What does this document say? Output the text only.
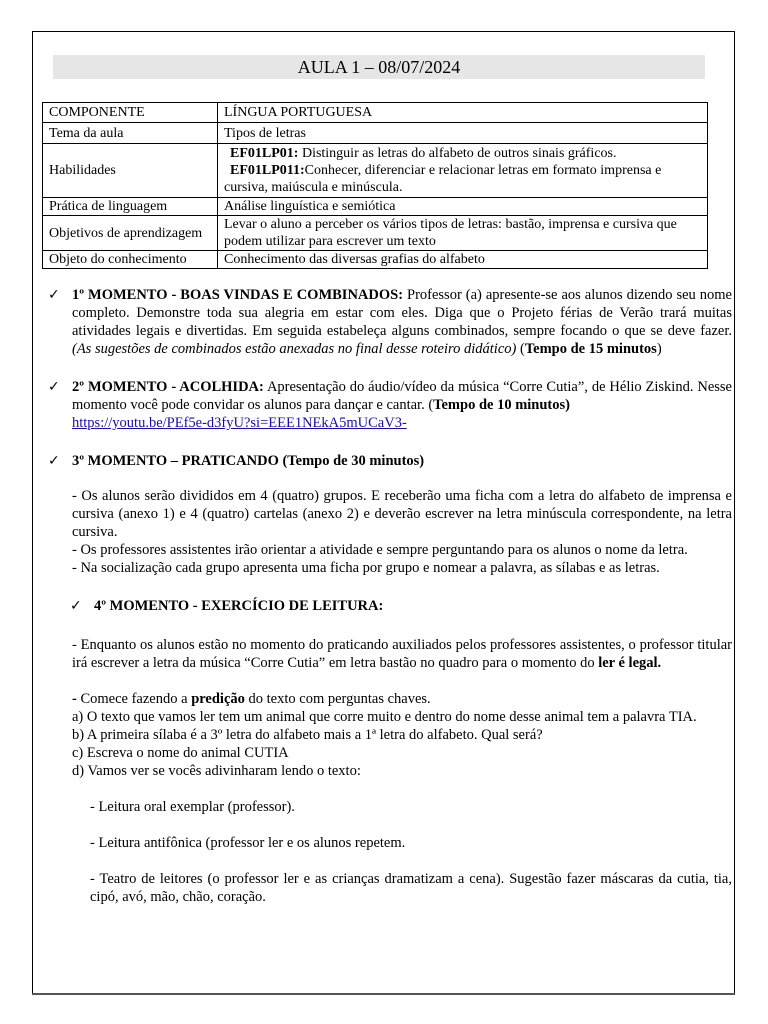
AULA 1 – 08/07/2024
COMPONENTE	LÍNGUA PORTUGUESA
Tema da aula	Tipos de letras
Habilidades	EF01LP01: Distinguir as letras do alfabeto de outros sinais gráficos.
EF01LP011:Conhecer, diferenciar e relacionar letras em formato imprensa e cursiva, maiúscula e minúscula.

Prática de linguagem	Análise linguística e semiótica
Objetivos de aprendizagem	Levar o aluno a perceber os vários tipos de letras: bastão, imprensa e cursiva que podem utilizar para escrever um texto
Objeto do conhecimento	Conhecimento das diversas grafias do alfabeto
✓ 1º MOMENTO - BOAS VINDAS E COMBINADOS: Professor (a) apresente-se aos alunos dizendo seu nome completo. Demonstre toda sua alegria em estar com eles. Diga que o Projeto férias de Verão trará muitas atividades legais e divertidas. Em seguida estabeleça alguns combinados, sempre focando o que se deve fazer. (As sugestões de combinados estão anexadas no final desse roteiro didático) (Tempo de 15 minutos)
✓ 2º MOMENTO - ACOLHIDA: Apresentação do áudio/vídeo da música “Corre Cutia”, de Hélio Ziskind. Nesse momento você pode convidar os alunos para dançar e cantar. (Tempo de 10 minutos)
https://youtu.be/PEf5e-d3fyU?si=EEE1NEkA5mUCaV3-
✓ 3º MOMENTO – PRATICANDO (Tempo de 30 minutos)

- Os alunos serão divididos em 4 (quatro) grupos. E receberão uma ficha com a letra do alfabeto de imprensa e cursiva (anexo 1) e 4 (quatro) cartelas (anexo 2) e deverão escrever na letra minúscula correspondente, na letra cursiva.

- Os professores assistentes irão orientar a atividade e sempre perguntando para os alunos o nome da letra.

- Na socialização cada grupo apresenta uma ficha por grupo e nomear a palavra, as sílabas e as letras.

✓ 4º MOMENTO - EXERCÍCIO DE LEITURA:

- Enquanto os alunos estão no momento do praticando auxiliados pelos professores assistentes, o professor titular irá escrever a letra da música “Corre Cutia” em letra bastão no quadro para o momento do ler é legal.

- Comece fazendo a predição do texto com perguntas chaves.

a) O texto que vamos ler tem um animal que corre muito e dentro do nome desse animal tem a palavra TIA.

b) A primeira sílaba é a 3º letra do alfabeto mais a 1ª letra do alfabeto. Qual será?

c) Escreva o nome do animal CUTIA

d) Vamos ver se vocês adivinharam lendo o texto:

- Leitura oral exemplar (professor).

- Leitura antifônica (professor ler e os alunos repetem.

- Teatro de leitores (o professor ler e as crianças dramatizam a cena). Sugestão fazer máscaras da cutia, tia, cipó, avó, mão, chão, coração.
